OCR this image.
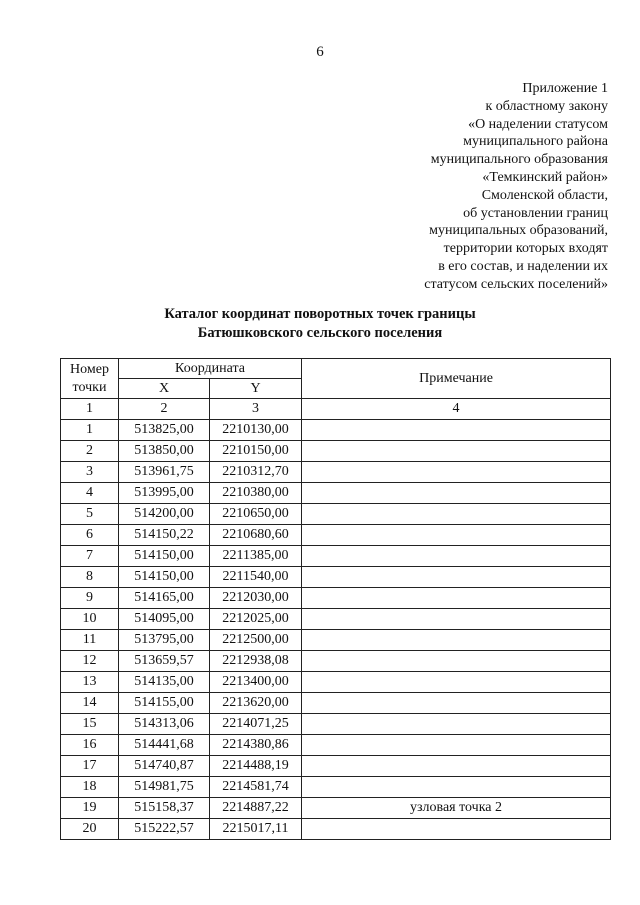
6
Приложение 1
к областному закону
«О наделении статусом
муниципального района
муниципального образования
«Темкинский район»
Смоленской области,
об установлении границ
муниципальных образований,
территории которых входят
в его состав, и наделении их
статусом сельских поселений»
Каталог координат поворотных точек границы
Батюшковского сельского поселения
Номер точки	Координата		Примечание
	X	Y	
1	2	3	4
1	513825,00	2210130,00	
2	513850,00	2210150,00	
3	513961,75	2210312,70	
4	513995,00	2210380,00	
5	514200,00	2210650,00	
6	514150,22	2210680,60	
7	514150,00	2211385,00	
8	514150,00	2211540,00	
9	514165,00	2212030,00	
10	514095,00	2212025,00	
11	513795,00	2212500,00	
12	513659,57	2212938,08	
13	514135,00	2213400,00	
14	514155,00	2213620,00	
15	514313,06	2214071,25	
16	514441,68	2214380,86	
17	514740,87	2214488,19	
18	514981,75	2214581,74	
19	515158,37	2214887,22	узловая точка 2
20	515222,57	2215017,11	
